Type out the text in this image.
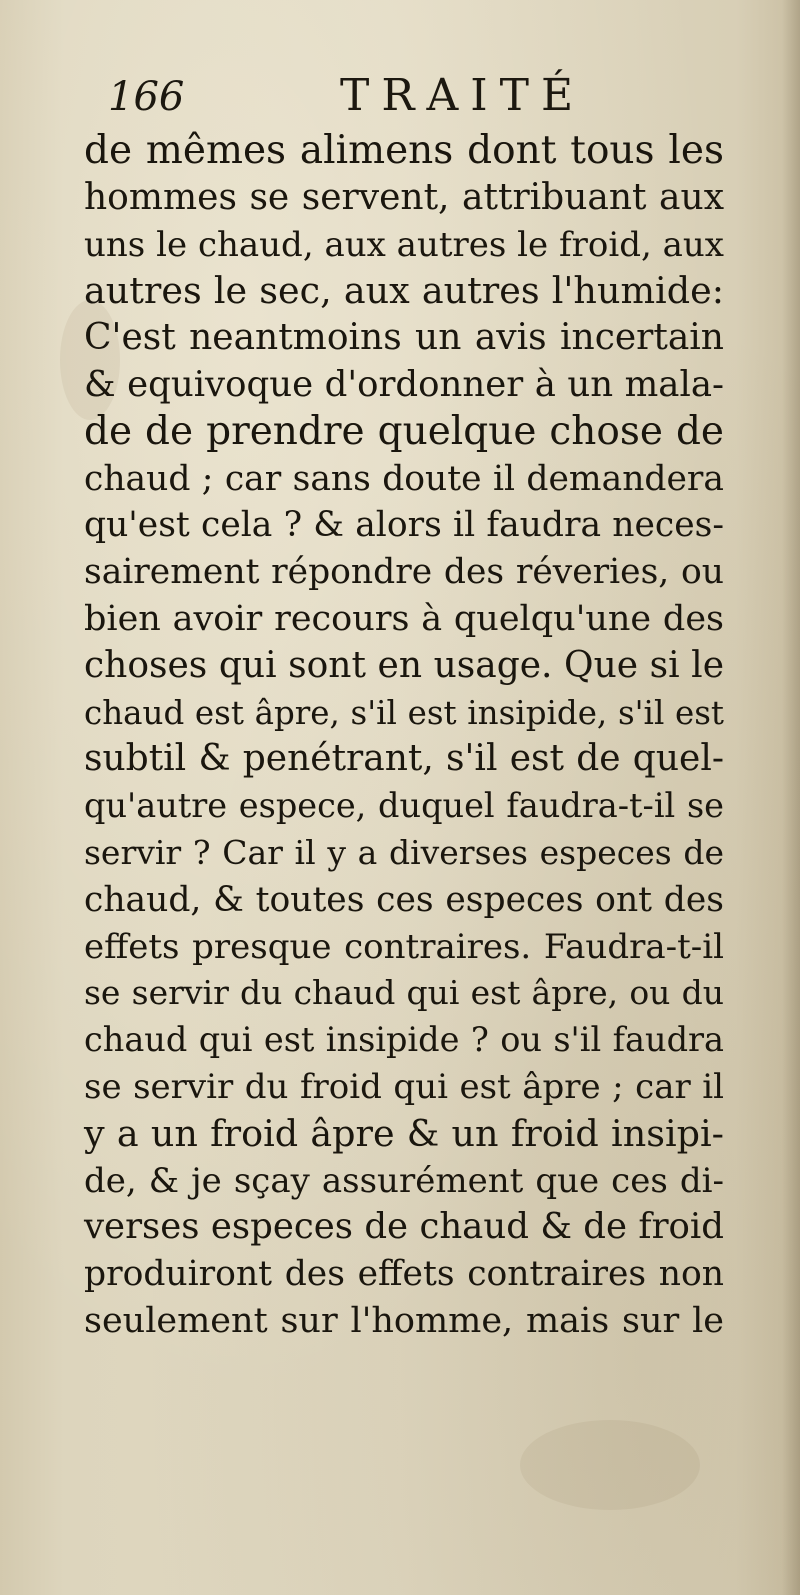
166	TRAITÉ
de mêmes alimens dont tous les
hommes se servent, attribuant aux
uns le chaud, aux autres le froid, aux
autres le sec, aux autres l'humide:
C'est neantmoins un avis incertain
& equivoque d'ordonner à un mala-
de de prendre quelque chose de
chaud ; car sans doute il demandera
qu'est cela ? & alors il faudra neces-
sairement répondre des réveries, ou
bien avoir recours à quelqu'une des
choses qui sont en usage. Que si le
chaud est âpre, s'il est insipide, s'il est
subtil & penétrant, s'il est de quel-
qu'autre espece, duquel faudra-t-il se
servir ? Car il y a diverses especes de
chaud, & toutes ces especes ont des
effets presque contraires. Faudra-t-il
se servir du chaud qui est âpre, ou du
chaud qui est insipide ? ou s'il faudra
se servir du froid qui est âpre ; car il
y a un froid âpre & un froid insipi-
de, & je sçay assurément que ces di-
verses especes de chaud & de froid
produiront des effets contraires non
seulement sur l'homme, mais sur le
